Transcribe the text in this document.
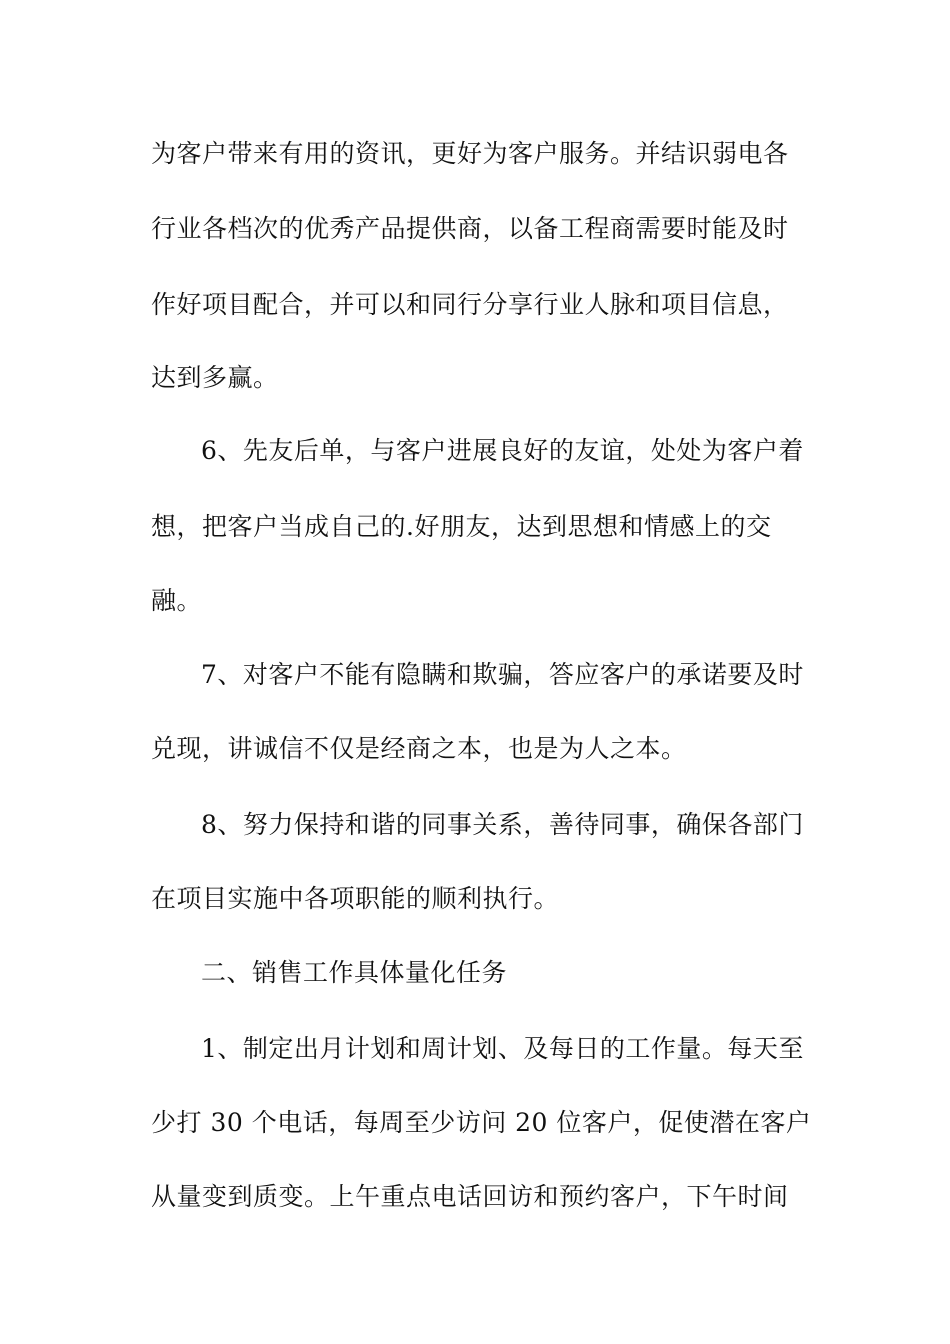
为客户带来有用的资讯，更好为客户服务。并结识弱电各
行业各档次的优秀产品提供商，以备工程商需要时能及时
作好项目配合，并可以和同行分享行业人脉和项目信息，
达到多赢。
6、先友后单，与客户进展良好的友谊，处处为客户着
想，把客户当成自己的.好朋友，达到思想和情感上的交
融。
7、对客户不能有隐瞒和欺骗，答应客户的承诺要及时
兑现，讲诚信不仅是经商之本，也是为人之本。
8、努力保持和谐的同事关系，善待同事，确保各部门
在项目实施中各项职能的顺利执行。
二、销售工作具体量化任务
1、制定出月计划和周计划、及每日的工作量。每天至
少打 30 个电话，每周至少访问 20 位客户，促使潜在客户
从量变到质变。上午重点电话回访和预约客户，下午时间
